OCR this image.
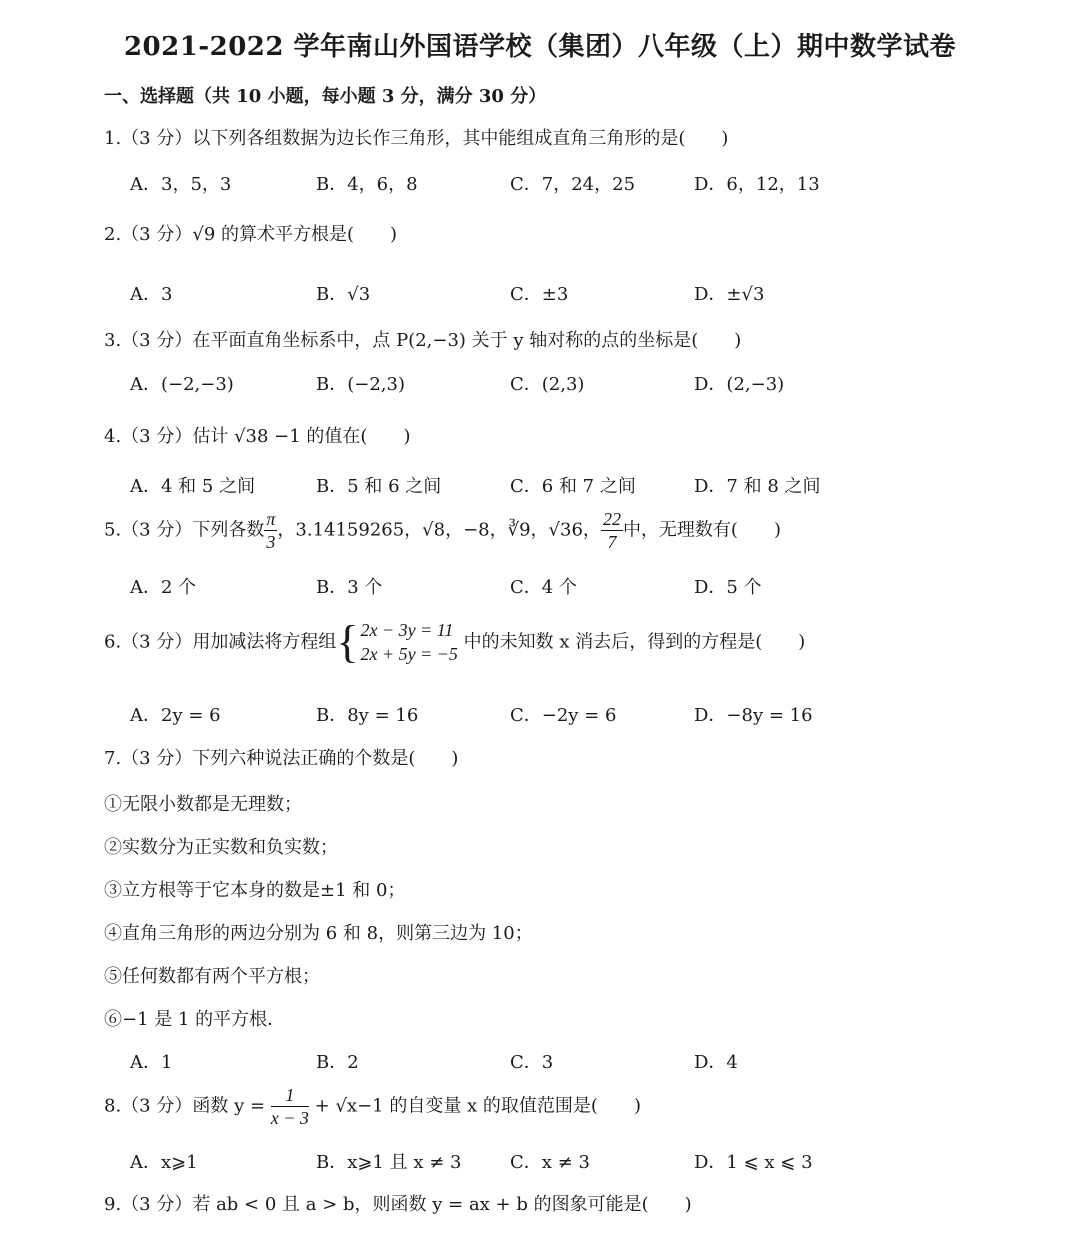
2021-2022 学年南山外国语学校（集团）八年级（上）期中数学试卷
一、选择题（共 10 小题，每小题 3 分，满分 30 分）
1.（3 分）以下列各组数据为边长作三角形，其中能组成直角三角形的是(　　)
A．3，5，3	B．4，6，8	C．7，24，25	D．6，12，13
2.（3 分）√9 的算术平方根是(　　)
A．3	B．√3	C．±3	D．±√3
3.（3 分）在平面直角坐标系中，点 P(2,−3) 关于 y 轴对称的点的坐标是(　　)
A．(−2,−3)	B．(−2,3)	C．(2,3)	D．(2,−3)
4.（3 分）估计 √38 −1 的值在(　　)
A．4 和 5 之间	B．5 和 6 之间	C．6 和 7 之间	D．7 和 8 之间
5.（3 分）下列各数 $\frac{\pi}{3}$ ，3.14159265，√8，−8，∛9，√36， $\frac{22}{7}$ 中，无理数有(　　)
A．2 个	B．3 个	C．4 个	D．5 个
6.（3 分）用加减法将方程组{ 2x − 3y = 11
2x + 5y = −5
中的未知数 x 消去后，得到的方程是(　　)
A．2y = 6	B．8y = 16	C．−2y = 6	D．−8y = 16
7.（3 分）下列六种说法正确的个数是(　　)
①无限小数都是无理数；
②实数分为正实数和负实数；
③立方根等于它本身的数是±1 和 0；
④直角三角形的两边分别为 6 和 8，则第三边为 10；
⑤任何数都有两个平方根；
⑥−1 是 1 的平方根．
A．1	B．2	C．3	D．4
8.（3 分）函数 $y = \frac{1}{x - 3} + √x-1$ 的自变量 x 的取值范围是(　　)
A．x⩾1	B．x⩾1 且 x ≠ 3	C．x ≠ 3	D．1 ⩽ x ⩽ 3
9.（3 分）若 ab < 0 且 a > b，则函数 y = ax + b 的图象可能是(　　)
